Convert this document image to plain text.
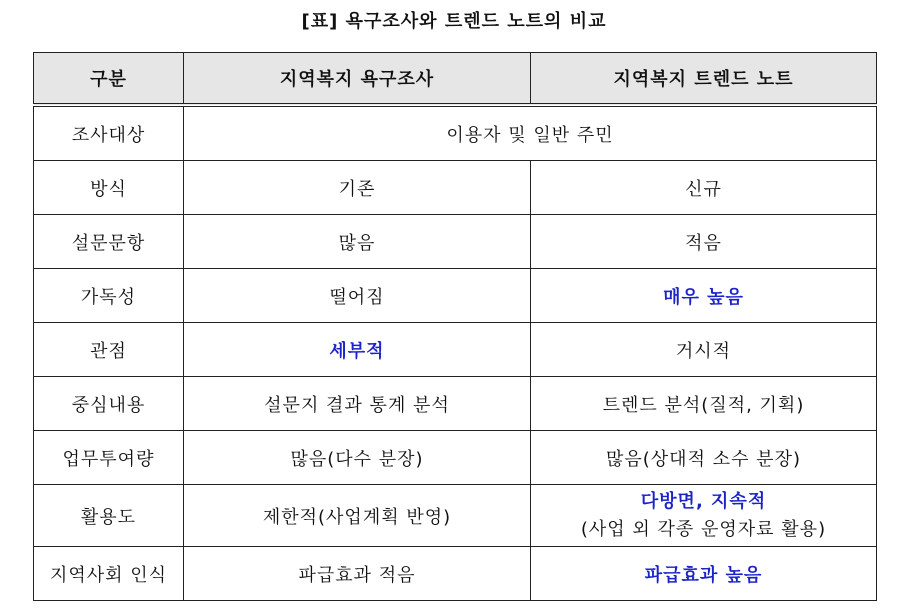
[표] 욕구조사와 트렌드 노트의 비교
구분	지역복지 욕구조사	지역복지 트렌드 노트
조사대상	이용자 및 일반 주민	
방식	기존	신규
설문문항	많음	적음
가독성	떨어짐	매우 높음
관점	세부적	거시적
중심내용	설문지 결과 통계 분석	트렌드 분석(질적, 기획)
업무투여량	많음(다수 분장)	많음(상대적 소수 분장)
활용도	제한적(사업계획 반영)	다방면, 지속적
(사업 외 각종 운영자료 활용)

지역사회 인식	파급효과 적음	파급효과 높음
